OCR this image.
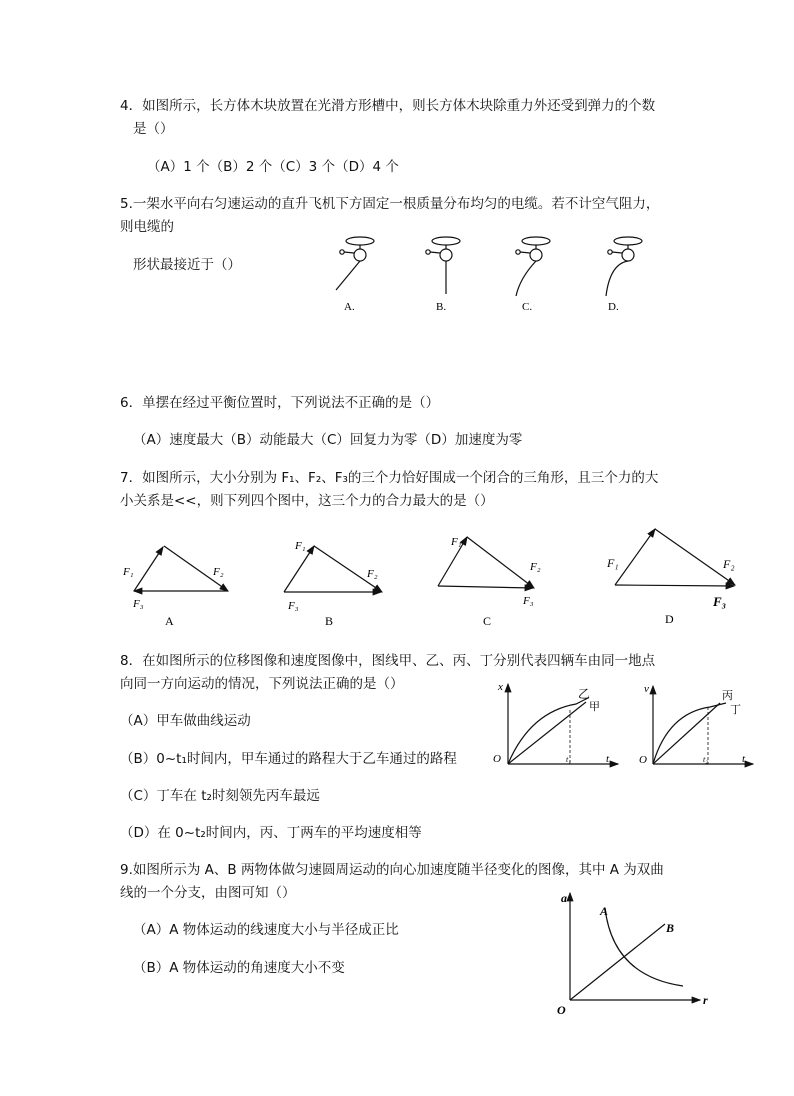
4．如图所示，长方体木块放置在光滑方形槽中，则长方体木块除重力外还受到弹力的个数
是（）
（A）1 个（B）2 个（C）3 个（D）4 个
5.一架水平向右匀速运动的直升飞机下方固定一根质量分布均匀的电缆。若不计空气阻力，
则电缆的
形状最接近于（）
A.	B.	C.	D.
6．单摆在经过平衡位置时，下列说法不正确的是（）
（A）速度最大（B）动能最大（C）回复力为零（D）加速度为零
7．如图所示，大小分别为 F₁、F₂、F₃的三个力恰好围成一个闭合的三角形，且三个力的大
小关系是<<，则下列四个图中，这三个力的合力最大的是（）
F₁	F₂
F₃
A
F₁
F₂
F₃
B
F₁
F₂
F₃
C
F₁	F₂
F₃
D
8．在如图所示的位移图像和速度图像中，图线甲、乙、丙、丁分别代表四辆车由同一地点
向同一方向运动的情况，下列说法正确的是（）
（A）甲车做曲线运动
（B）0~t₁时间内，甲车通过的路程大于乙车通过的路程
（C）丁车在 t₂时刻领先丙车最远
（D）在 0~t₂时间内，丙、丁两车的平均速度相等
x
t
O	t₁
乙
甲
v
t
O	t₂
丙
丁
9.如图所示为 A、B 两物体做匀速圆周运动的向心加速度随半径变化的图像，其中 A 为双曲
线的一个分支，由图可知（）
（A）A 物体运动的线速度大小与半径成正比
（B）A 物体运动的角速度大小不变
a
r
O
A
B
